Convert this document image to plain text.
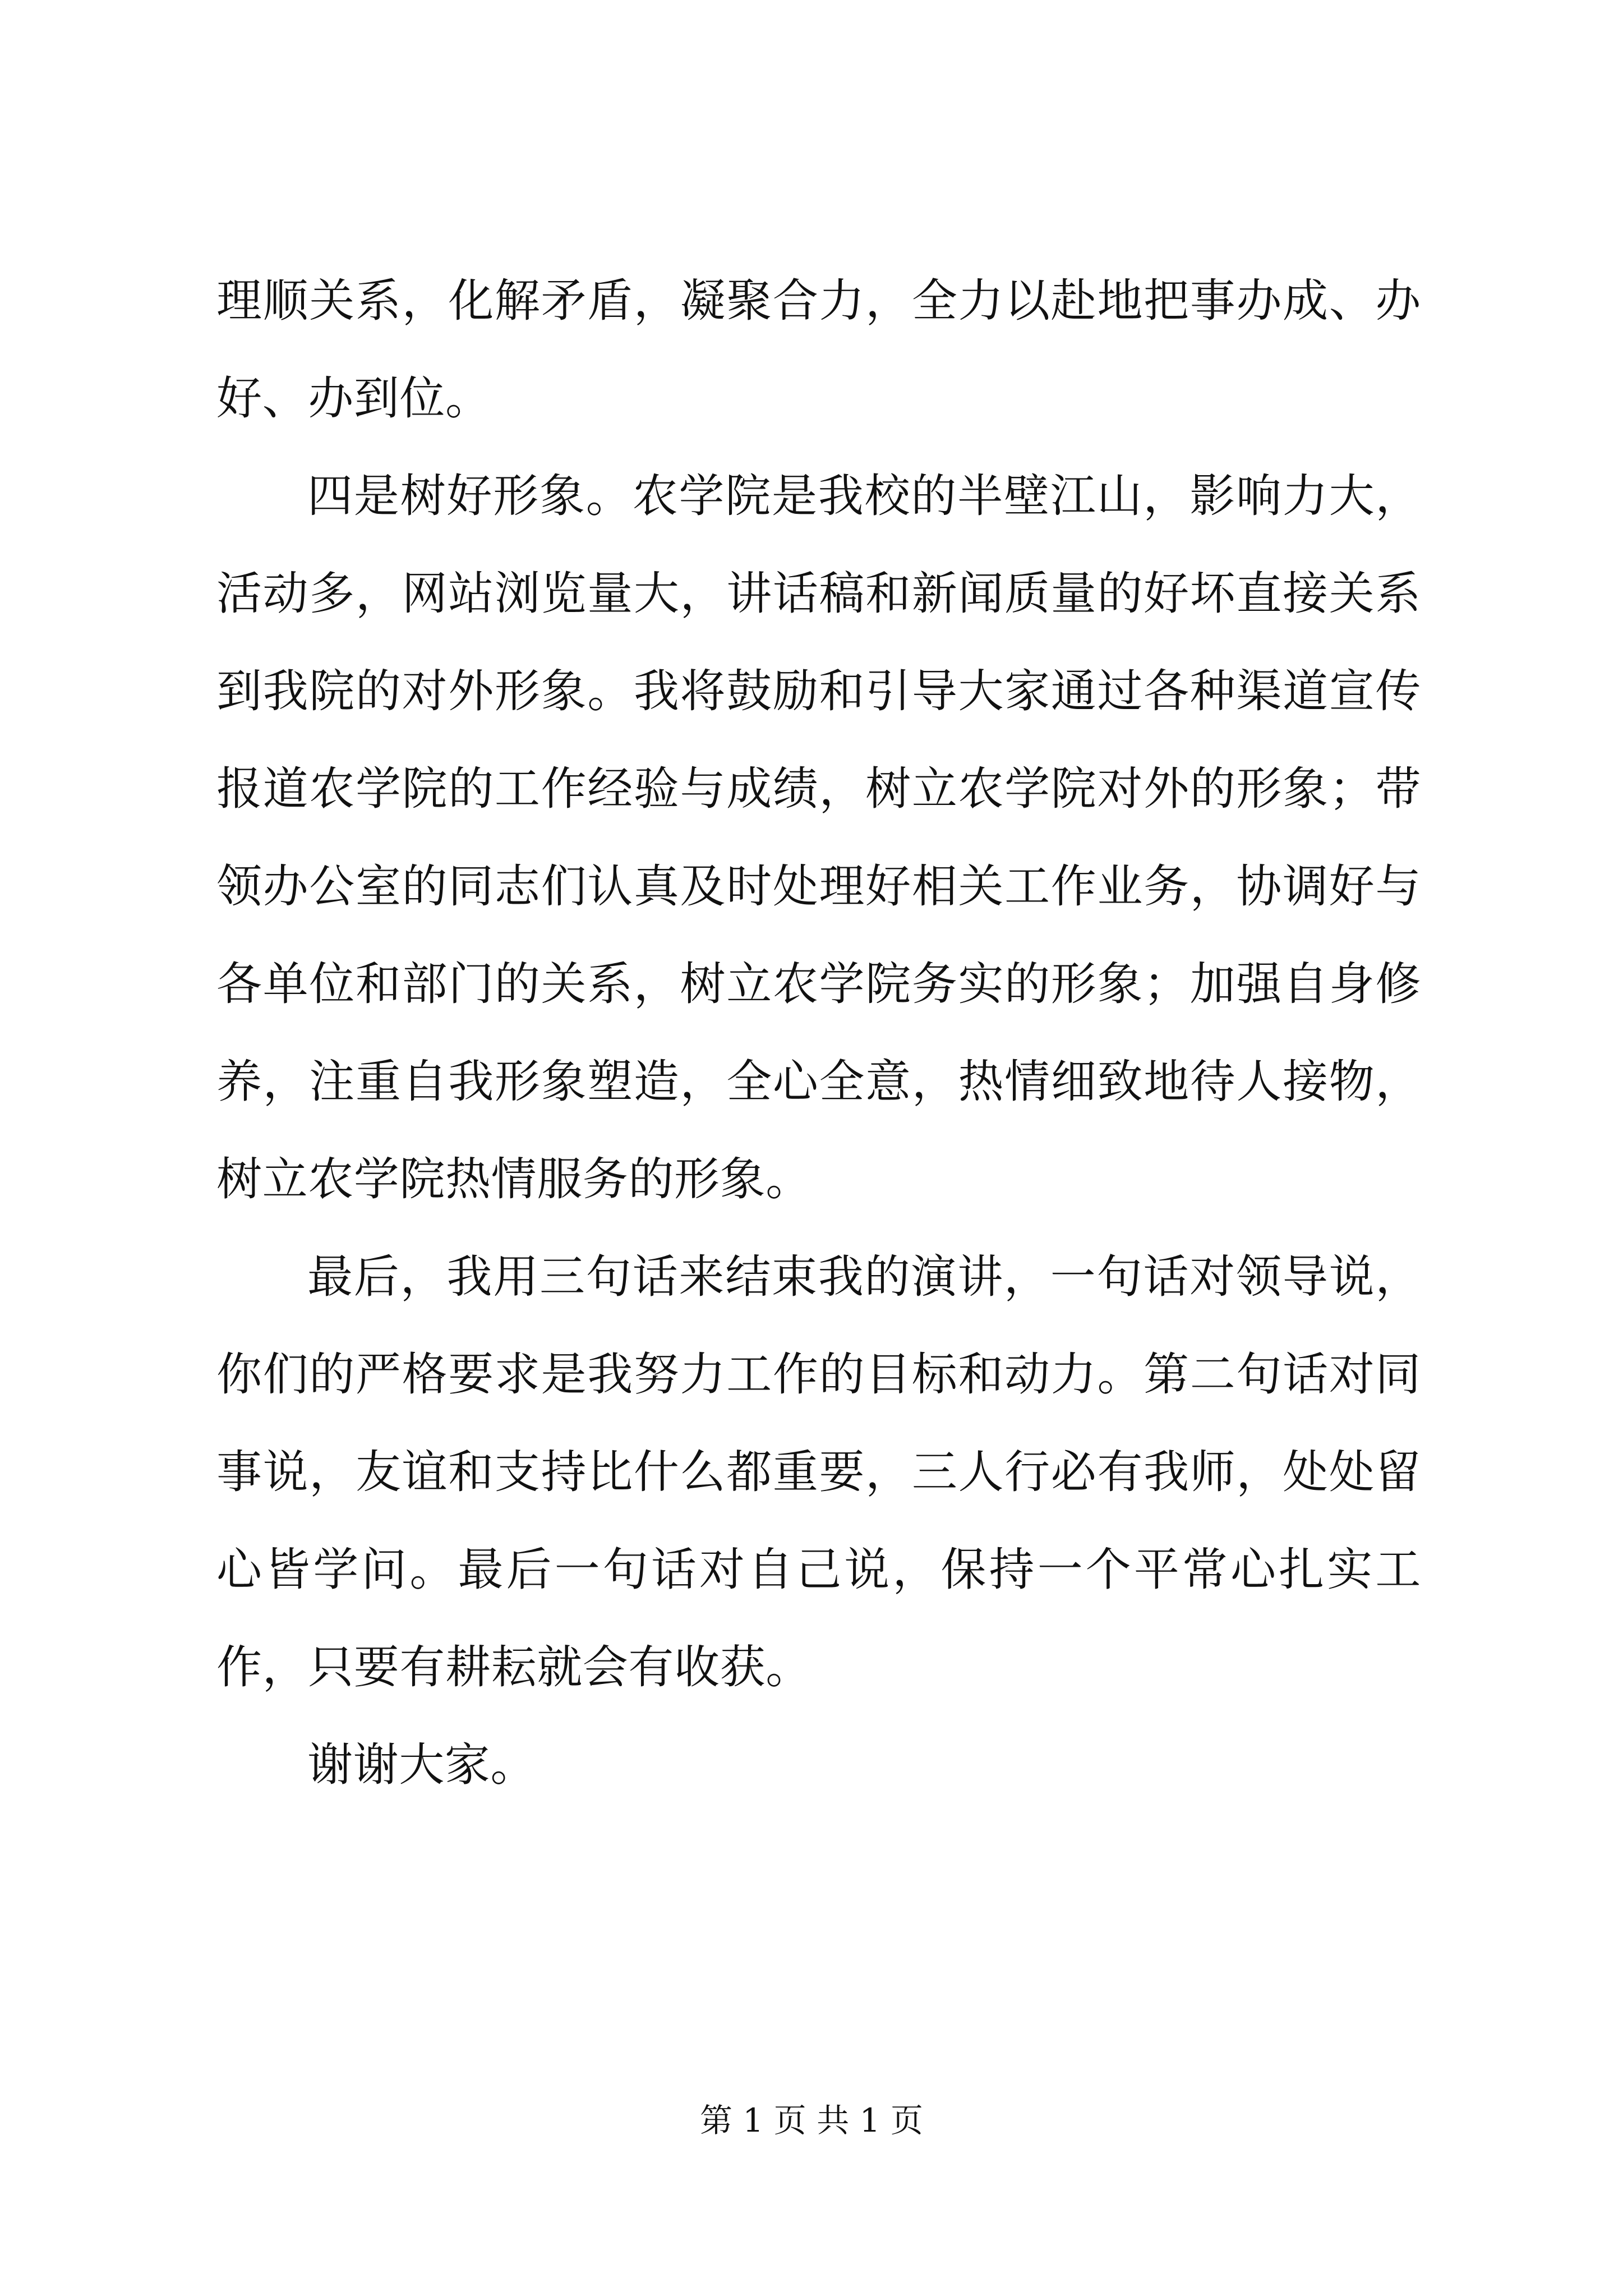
理顺关系，化解矛盾，凝聚合力，全力以赴地把事办成、办好、办到位。

四是树好形象。农学院是我校的半壁江山，影响力大，活动多，网站浏览量大，讲话稿和新闻质量的好坏直接关系到我院的对外形象。我将鼓励和引导大家通过各种渠道宣传报道农学院的工作经验与成绩，树立农学院对外的形象；带领办公室的同志们认真及时处理好相关工作业务，协调好与各单位和部门的关系，树立农学院务实的形象；加强自身修养，注重自我形象塑造，全心全意，热情细致地待人接物，树立农学院热情服务的形象。

最后，我用三句话来结束我的演讲，一句话对领导说，你们的严格要求是我努力工作的目标和动力。第二句话对同事说，友谊和支持比什么都重要，三人行必有我师，处处留心皆学问。最后一句话对自己说，保持一个平常心扎实工作，只要有耕耘就会有收获。

谢谢大家。

第 1 页 共 1 页
